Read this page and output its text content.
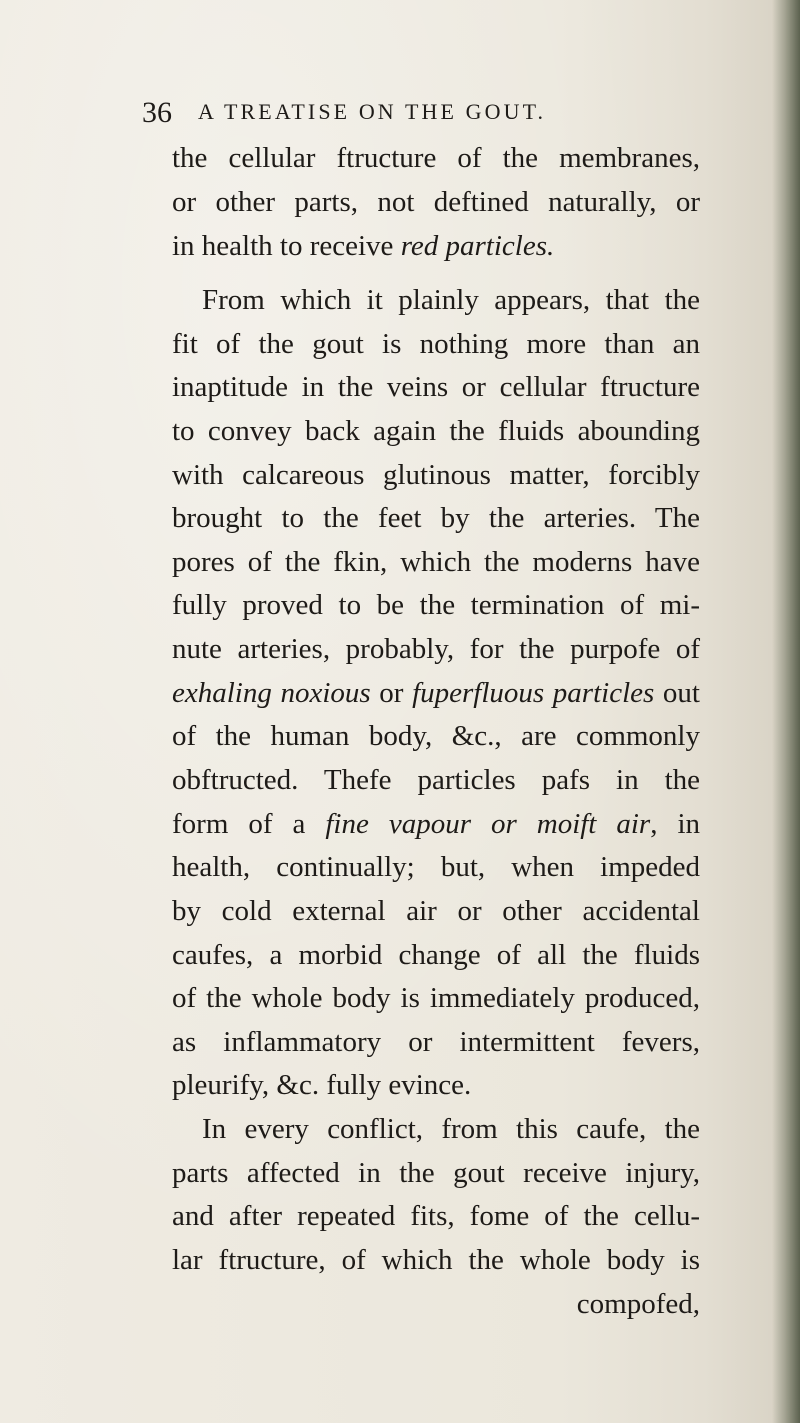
36 A TREATISE ON THE GOUT.
the cellular ftructure of the membranes,
or other parts, not deftined naturally, or
in health to receive red particles.
From which it plainly appears, that the
fit of the gout is nothing more than an
inaptitude in the veins or cellular ftructure
to convey back again the fluids abounding
with calcareous glutinous matter, forcibly
brought to the feet by the arteries. The
pores of the fkin, which the moderns have
fully proved to be the termination of mi-
nute arteries, probably, for the purpofe of
exhaling noxious or fuperfluous particles out
of the human body, &c., are commonly
obftructed. Thefe particles pafs in the
form of a fine vapour or moift air, in
health, continually; but, when impeded
by cold external air or other accidental
caufes, a morbid change of all the fluids
of the whole body is immediately produced,
as inflammatory or intermittent fevers,
pleurify, &c. fully evince.
In every conflict, from this caufe, the
parts affected in the gout receive injury,
and after repeated fits, fome of the cellu-
lar ftructure, of which the whole body is
compofed,
